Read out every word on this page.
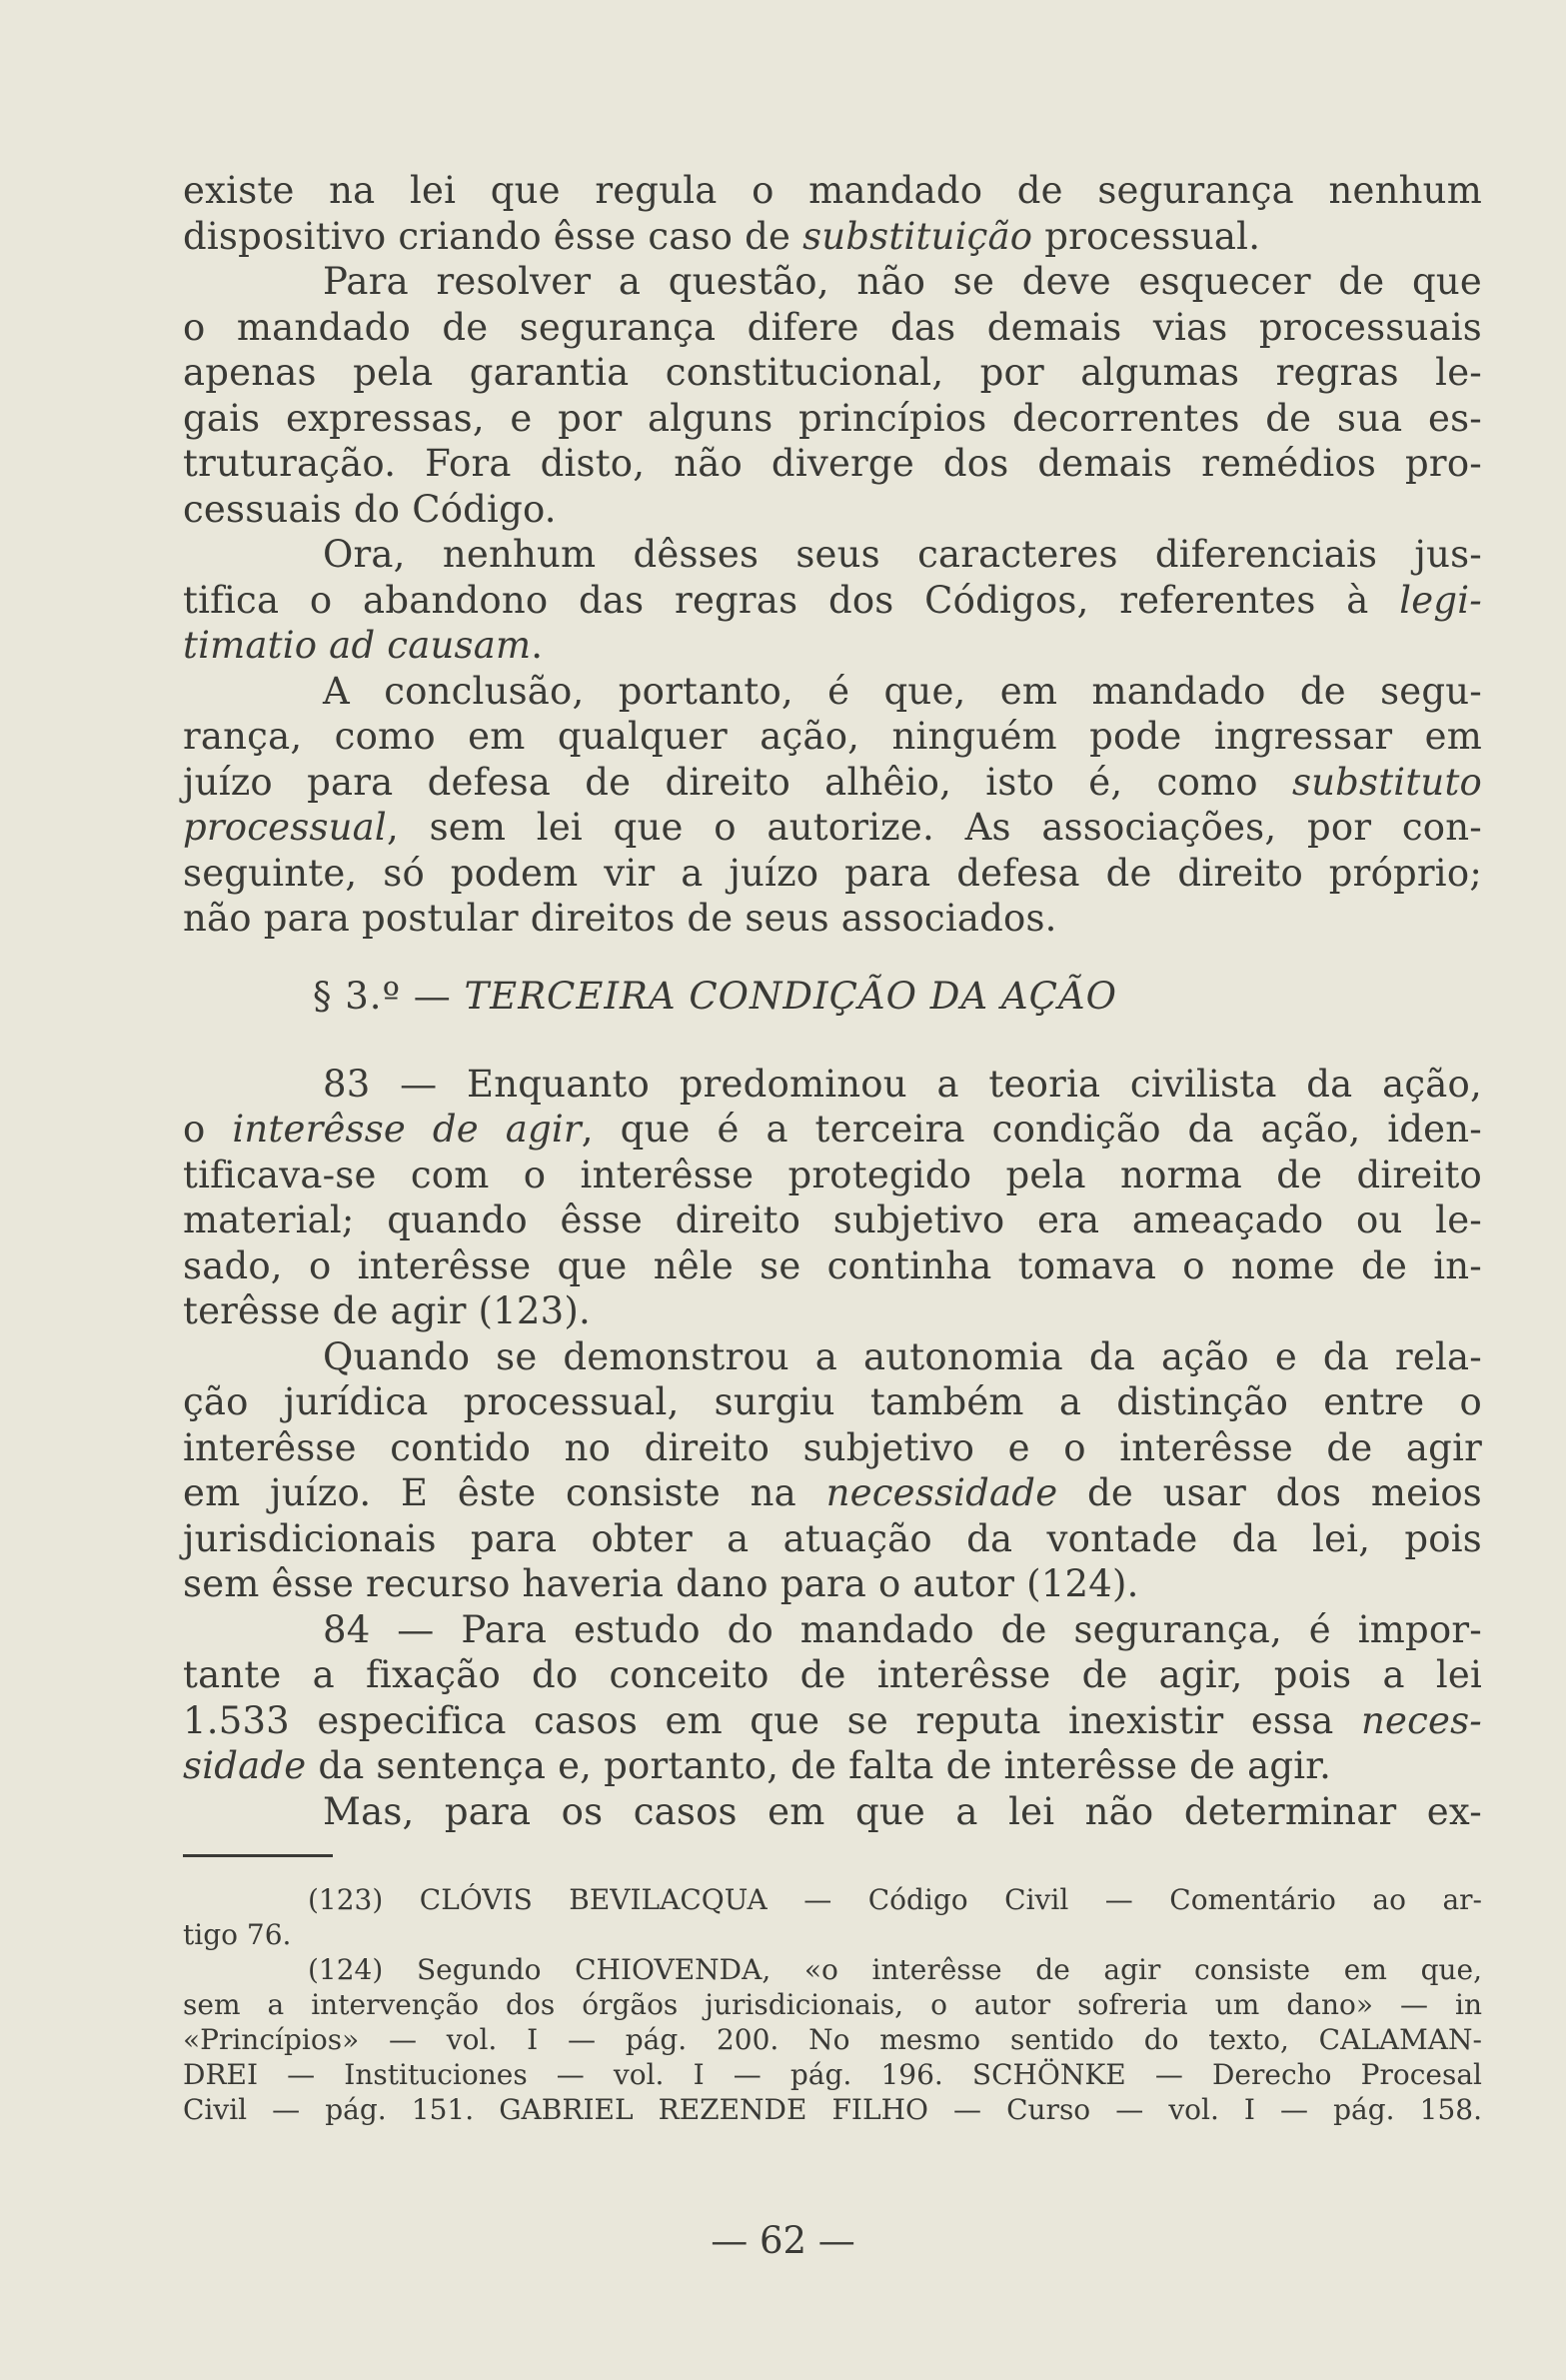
existe na lei que regula o mandado de segurança nenhum
dispositivo criando êsse caso de substituição processual.
Para resolver a questão, não se deve esquecer de que
o mandado de segurança difere das demais vias processuais
apenas pela garantia constitucional, por algumas regras le-
gais expressas, e por alguns princípios decorrentes de sua es-
truturação. Fora disto, não diverge dos demais remédios pro-
cessuais do Código.
Ora, nenhum dêsses seus caracteres diferenciais jus-
tifica o abandono das regras dos Códigos, referentes à legi-
timatio ad causam.
A conclusão, portanto, é que, em mandado de segu-
rança, como em qualquer ação, ninguém pode ingressar em
juízo para defesa de direito alhêio, isto é, como substituto
processual, sem lei que o autorize. As associações, por con-
seguinte, só podem vir a juízo para defesa de direito próprio;
não para postular direitos de seus associados.
§ 3.º — TERCEIRA CONDIÇÃO DA AÇÃO
83 — Enquanto predominou a teoria civilista da ação,
o interêsse de agir, que é a terceira condição da ação, iden-
tificava-se com o interêsse protegido pela norma de direito
material; quando êsse direito subjetivo era ameaçado ou le-
sado, o interêsse que nêle se continha tomava o nome de in-
terêsse de agir (123).
Quando se demonstrou a autonomia da ação e da rela-
ção jurídica processual, surgiu também a distinção entre o
interêsse contido no direito subjetivo e o interêsse de agir
em juízo. E êste consiste na necessidade de usar dos meios
jurisdicionais para obter a atuação da vontade da lei, pois
sem êsse recurso haveria dano para o autor (124).
84 — Para estudo do mandado de segurança, é impor-
tante a fixação do conceito de interêsse de agir, pois a lei
1.533 especifica casos em que se reputa inexistir essa neces-
sidade da sentença e, portanto, de falta de interêsse de agir.
Mas, para os casos em que a lei não determinar ex-
(123) CLÓVIS BEVILACQUA — Código Civil — Comentário ao ar-
tigo 76.
(124) Segundo CHIOVENDA, «o interêsse de agir consiste em que,
sem a intervenção dos órgãos jurisdicionais, o autor sofreria um dano» — in
«Princípios» — vol. I — pág. 200. No mesmo sentido do texto, CALAMAN-
DREI — Instituciones — vol. I — pág. 196. SCHÖNKE — Derecho Procesal
Civil — pág. 151. GABRIEL REZENDE FILHO — Curso — vol. I — pág. 158.
— 62 —
